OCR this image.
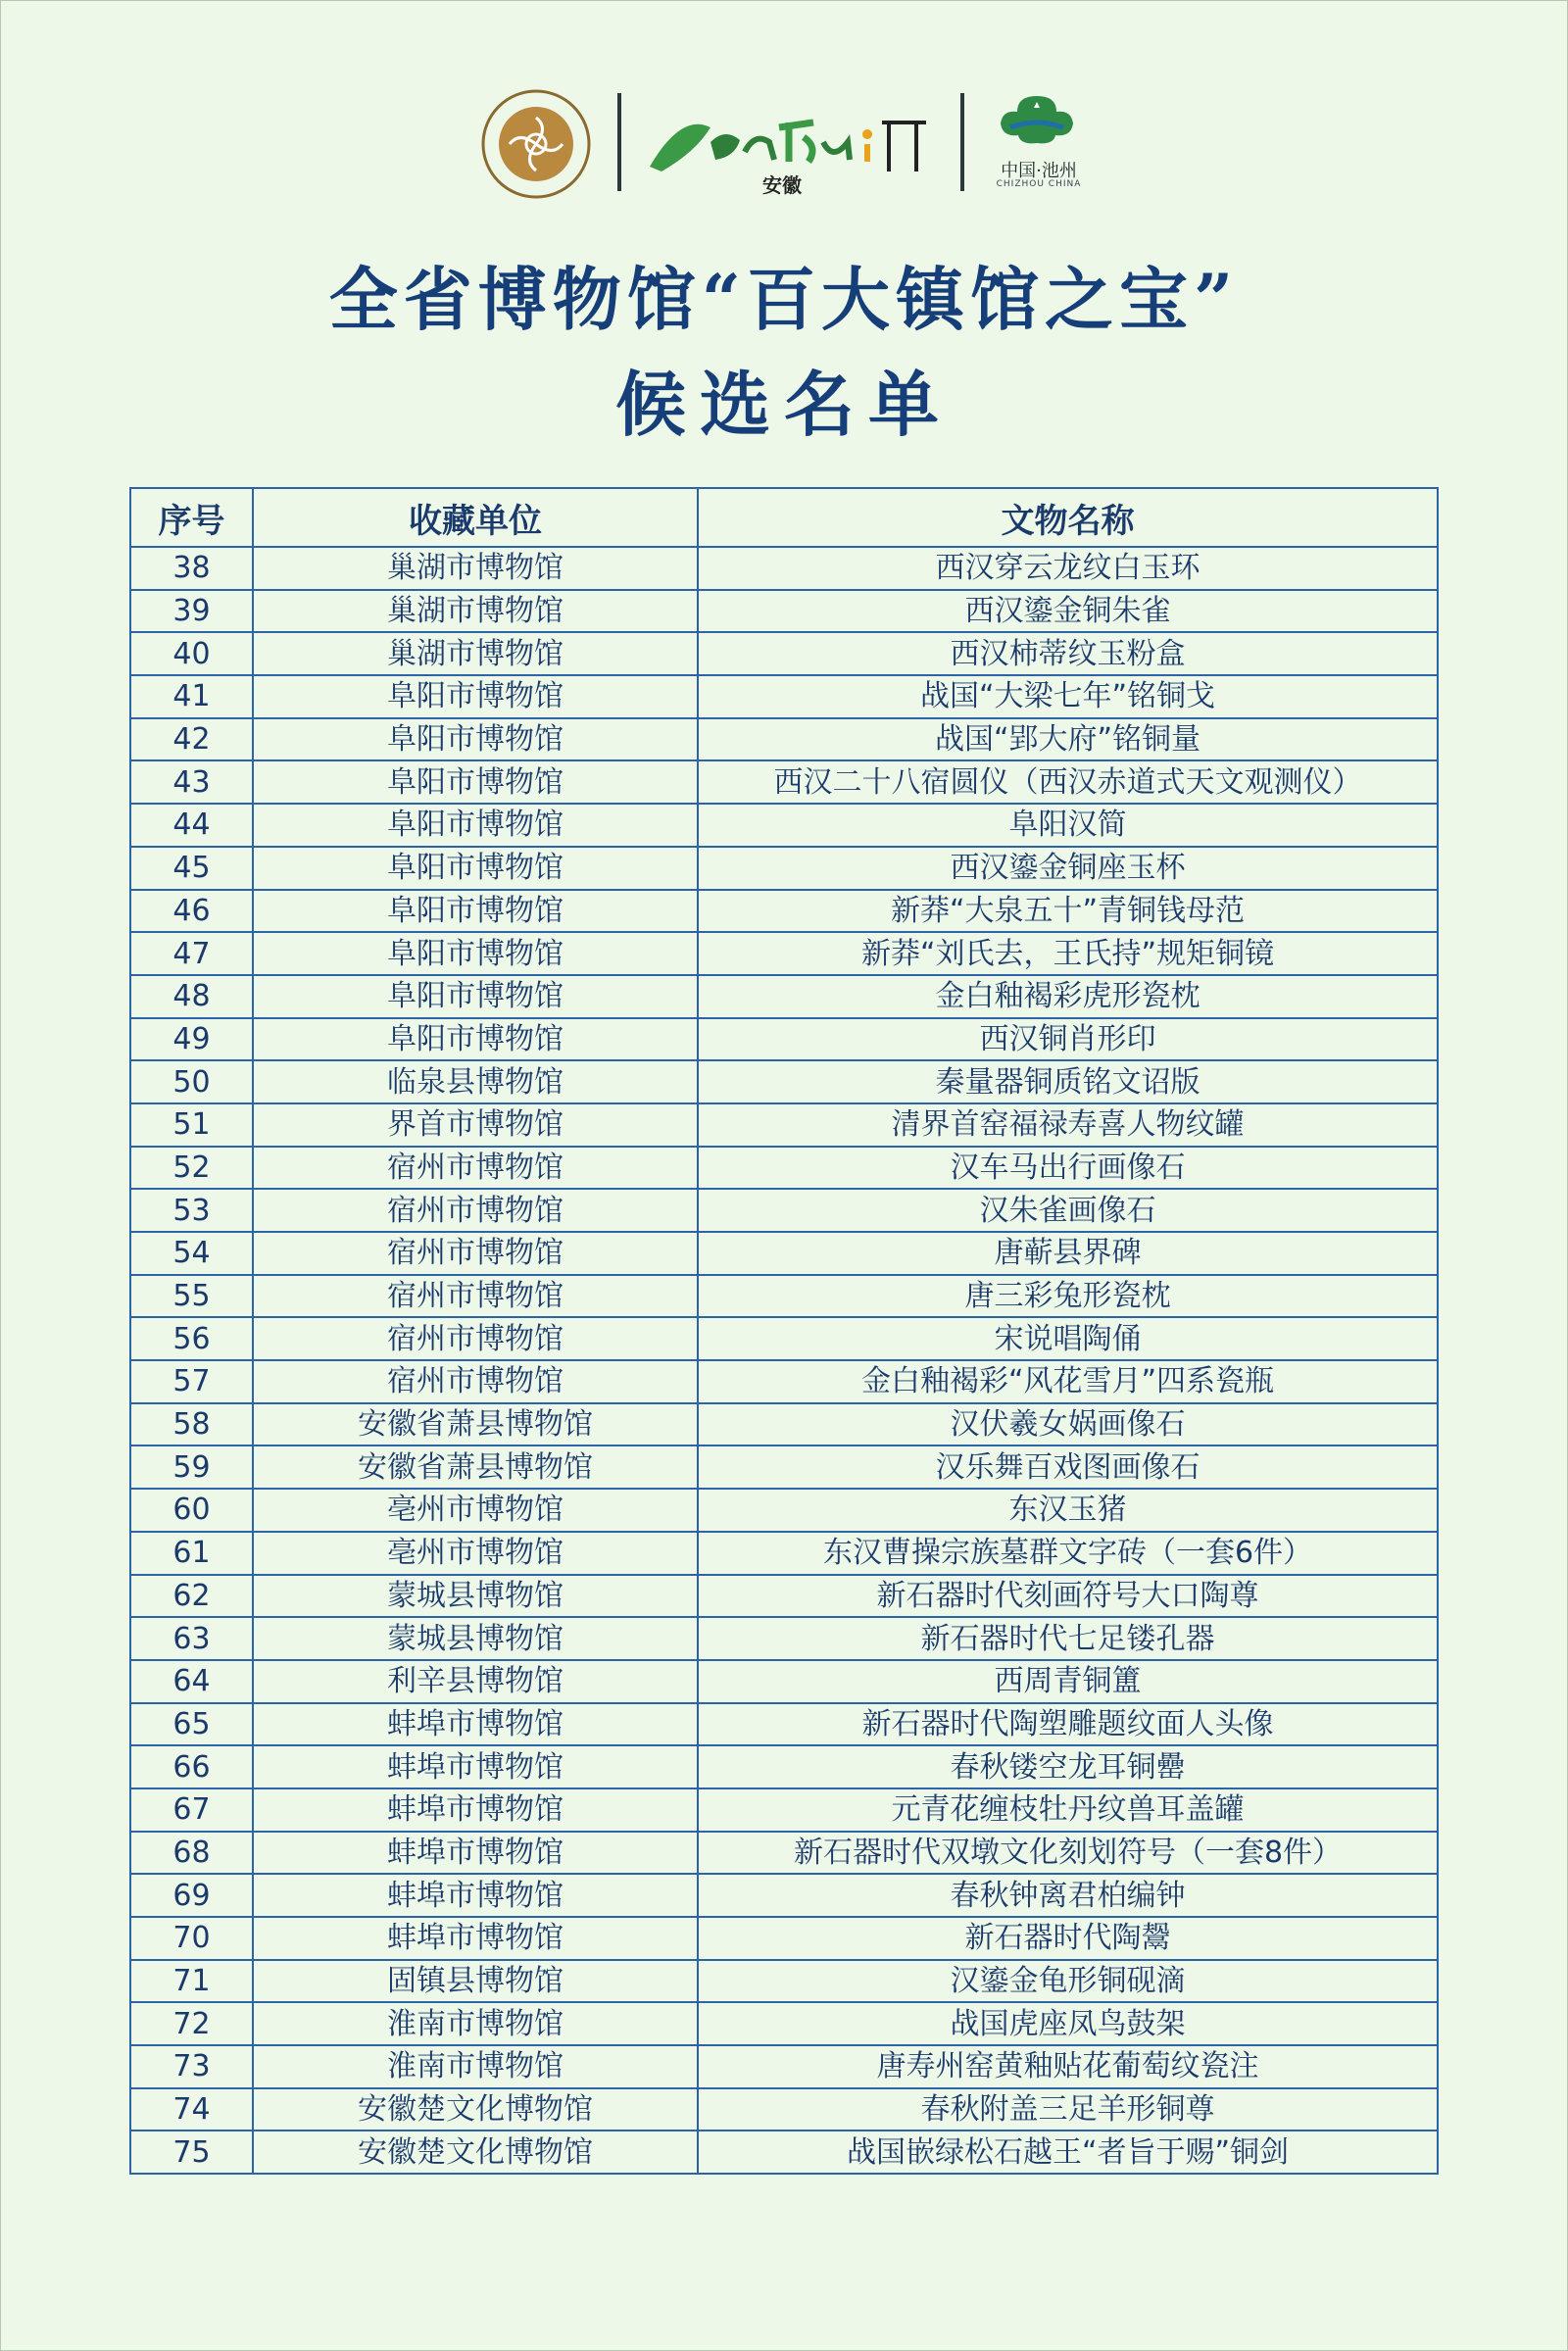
安徽
中国·池州
CHIZHOU CHINA
全省博物馆“百大镇馆之宝”
候选名单
序号	收藏单位	文物名称
38	巢湖市博物馆	西汉穿云龙纹白玉环
39	巢湖市博物馆	西汉鎏金铜朱雀
40	巢湖市博物馆	西汉柿蒂纹玉粉盒
41	阜阳市博物馆	战国“大梁七年”铭铜戈
42	阜阳市博物馆	战国“郢大府”铭铜量
43	阜阳市博物馆	西汉二十八宿圆仪（西汉赤道式天文观测仪）
44	阜阳市博物馆	阜阳汉简
45	阜阳市博物馆	西汉鎏金铜座玉杯
46	阜阳市博物馆	新莽“大泉五十”青铜钱母范
47	阜阳市博物馆	新莽“刘氏去，王氏持”规矩铜镜
48	阜阳市博物馆	金白釉褐彩虎形瓷枕
49	阜阳市博物馆	西汉铜肖形印
50	临泉县博物馆	秦量器铜质铭文诏版
51	界首市博物馆	清界首窑福禄寿喜人物纹罐
52	宿州市博物馆	汉车马出行画像石
53	宿州市博物馆	汉朱雀画像石
54	宿州市博物馆	唐蕲县界碑
55	宿州市博物馆	唐三彩兔形瓷枕
56	宿州市博物馆	宋说唱陶俑
57	宿州市博物馆	金白釉褐彩“风花雪月”四系瓷瓶
58	安徽省萧县博物馆	汉伏羲女娲画像石
59	安徽省萧县博物馆	汉乐舞百戏图画像石
60	亳州市博物馆	东汉玉猪
61	亳州市博物馆	东汉曹操宗族墓群文字砖（一套6件）
62	蒙城县博物馆	新石器时代刻画符号大口陶尊
63	蒙城县博物馆	新石器时代七足镂孔器
64	利辛县博物馆	西周青铜簠
65	蚌埠市博物馆	新石器时代陶塑雕题纹面人头像
66	蚌埠市博物馆	春秋镂空龙耳铜罍
67	蚌埠市博物馆	元青花缠枝牡丹纹兽耳盖罐
68	蚌埠市博物馆	新石器时代双墩文化刻划符号（一套8件）
69	蚌埠市博物馆	春秋钟离君柏编钟
70	蚌埠市博物馆	新石器时代陶鬶
71	固镇县博物馆	汉鎏金龟形铜砚滴
72	淮南市博物馆	战国虎座凤鸟鼓架
73	淮南市博物馆	唐寿州窑黄釉贴花葡萄纹瓷注
74	安徽楚文化博物馆	春秋附盖三足羊形铜尊
75	安徽楚文化博物馆	战国嵌绿松石越王“者旨于赐”铜剑
